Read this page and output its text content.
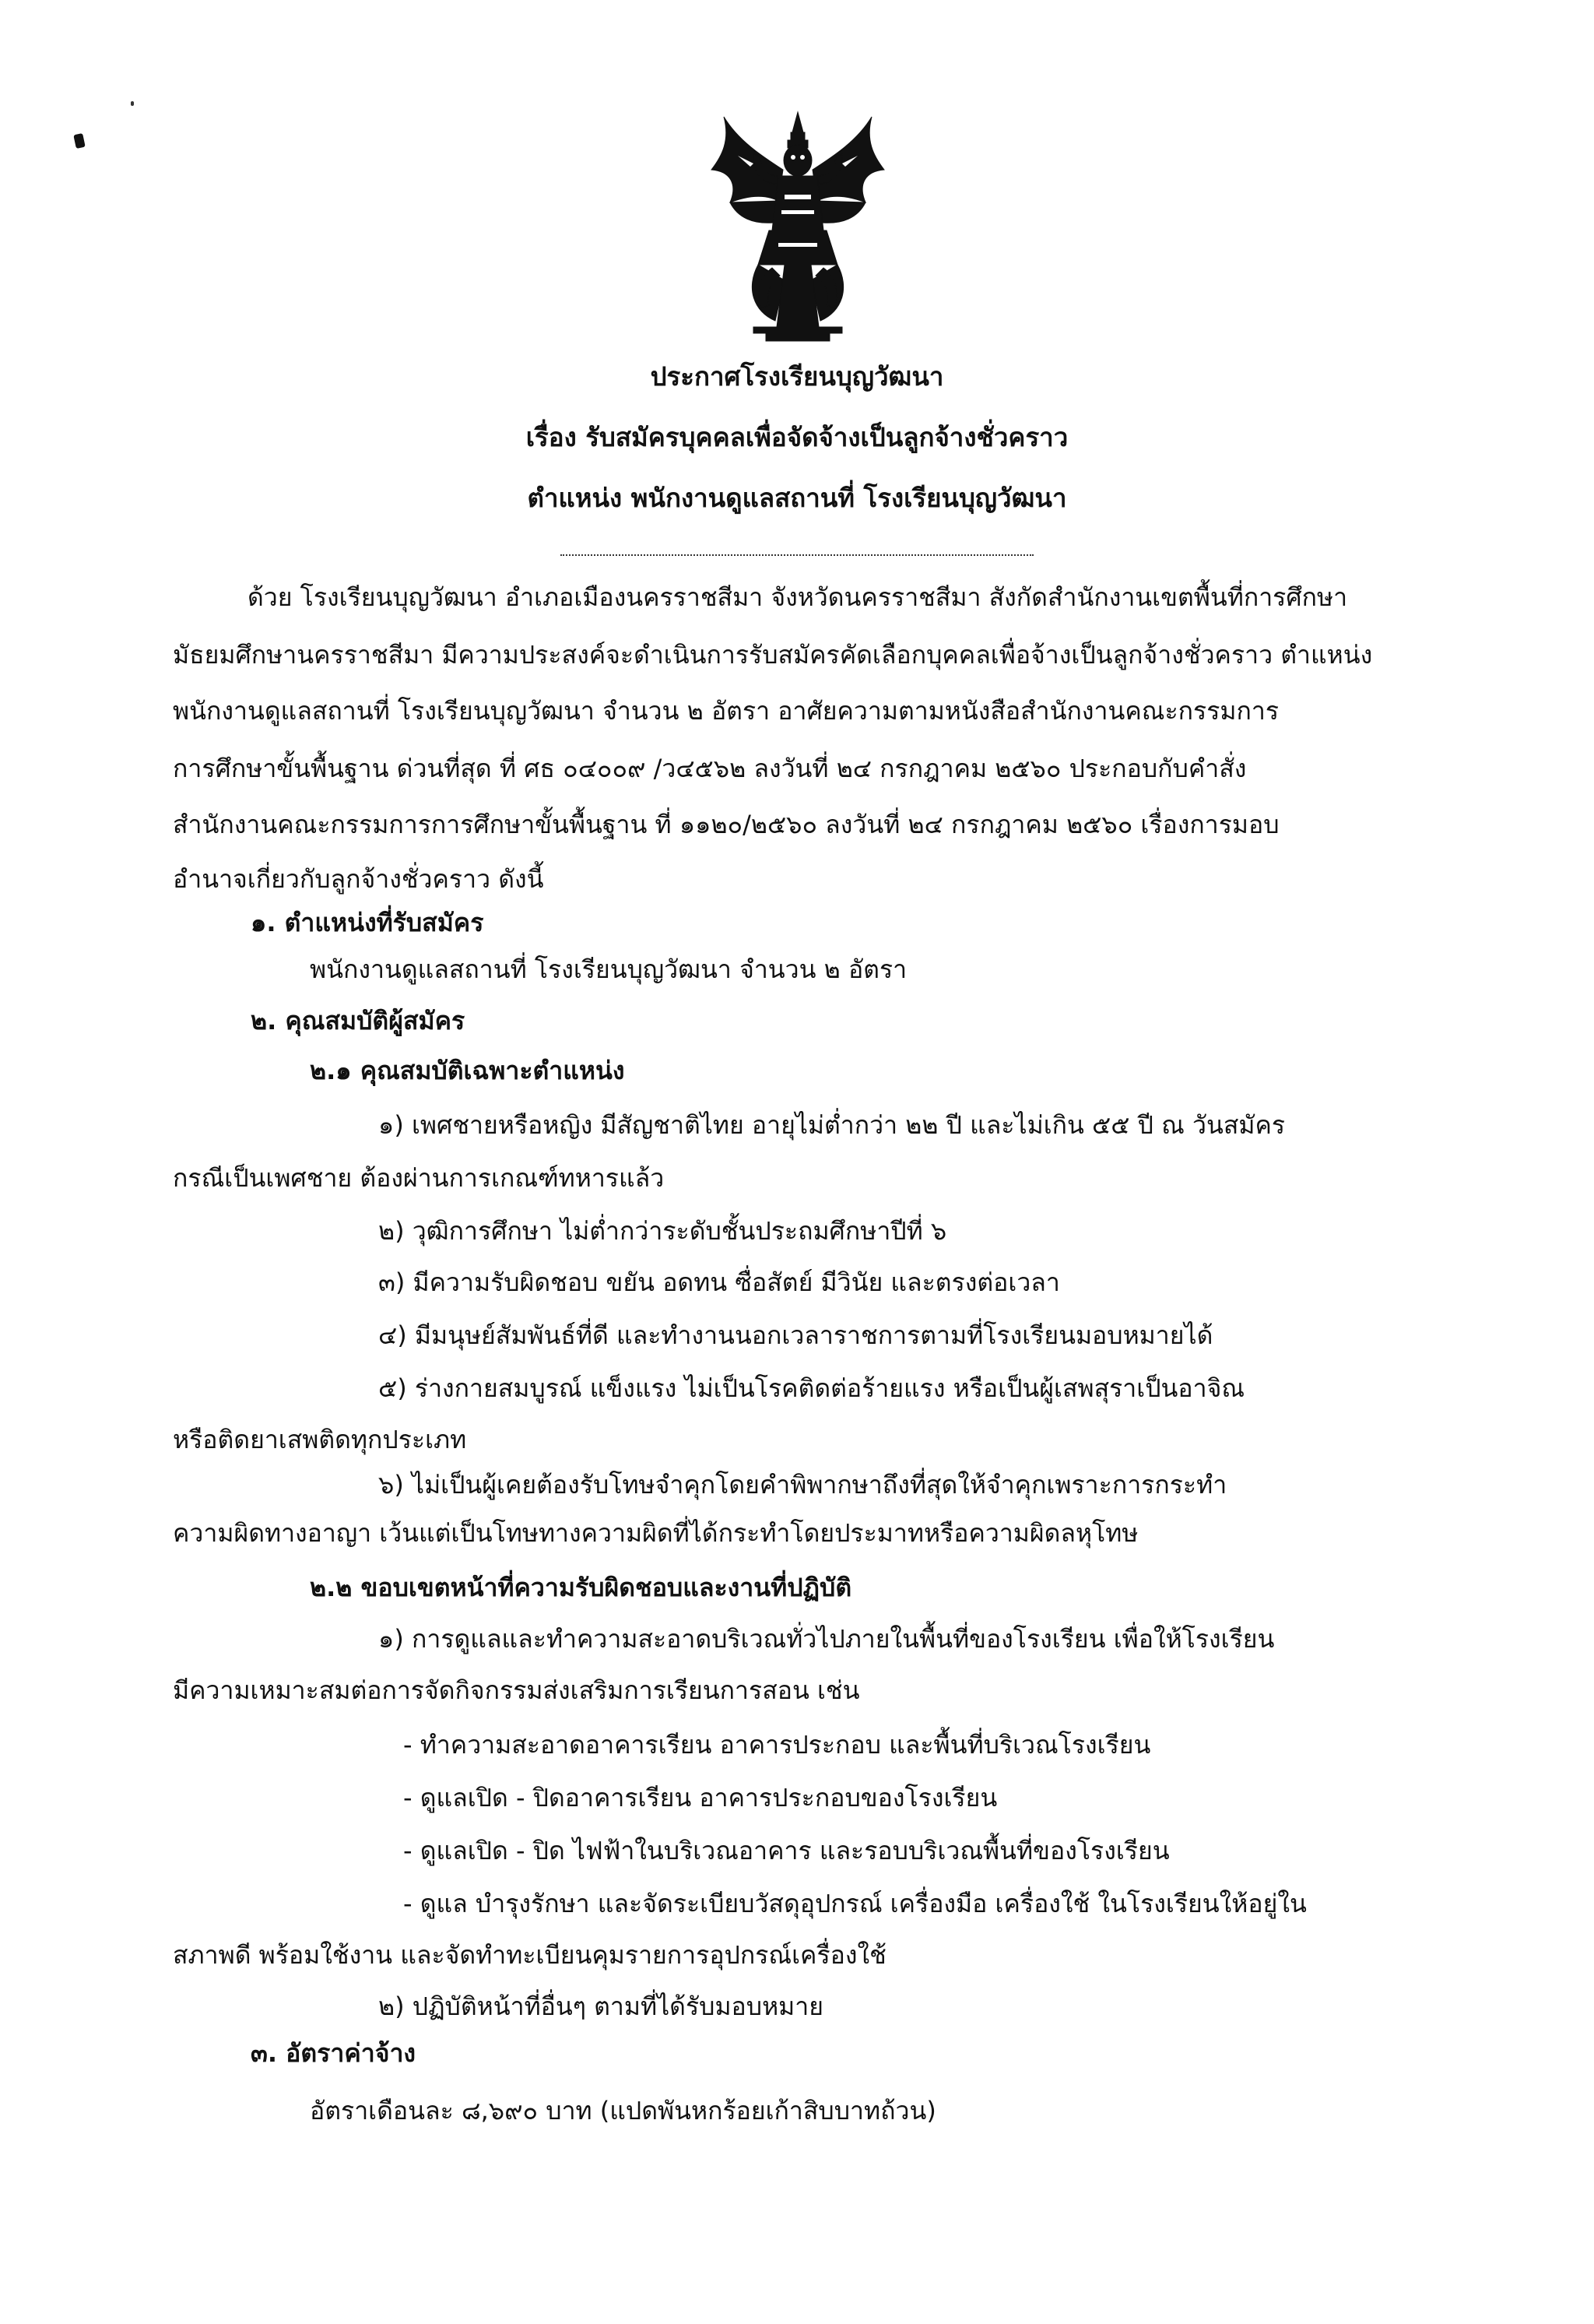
ประกาศโรงเรียนบุญวัฒนา
เรื่อง รับสมัครบุคคลเพื่อจัดจ้างเป็นลูกจ้างชั่วคราว
ตำแหน่ง พนักงานดูแลสถานที่ โรงเรียนบุญวัฒนา
ด้วย โรงเรียนบุญวัฒนา อำเภอเมืองนครราชสีมา จังหวัดนครราชสีมา สังกัดสำนักงานเขตพื้นที่การศึกษา
มัธยมศึกษานครราชสีมา มีความประสงค์จะดำเนินการรับสมัครคัดเลือกบุคคลเพื่อจ้างเป็นลูกจ้างชั่วคราว ตำแหน่ง
พนักงานดูแลสถานที่ โรงเรียนบุญวัฒนา จำนวน ๒ อัตรา อาศัยความตามหนังสือสำนักงานคณะกรรมการ
การศึกษาขั้นพื้นฐาน ด่วนที่สุด ที่ ศธ ๐๔๐๐๙ /ว๔๕๖๒ ลงวันที่ ๒๔ กรกฎาคม ๒๕๖๐ ประกอบกับคำสั่ง
สำนักงานคณะกรรมการการศึกษาขั้นพื้นฐาน ที่ ๑๑๒๐/๒๕๖๐ ลงวันที่ ๒๔ กรกฎาคม ๒๕๖๐ เรื่องการมอบ
อำนาจเกี่ยวกับลูกจ้างชั่วคราว ดังนี้
๑. ตำแหน่งที่รับสมัคร
พนักงานดูแลสถานที่ โรงเรียนบุญวัฒนา จำนวน ๒ อัตรา
๒. คุณสมบัติผู้สมัคร
๒.๑ คุณสมบัติเฉพาะตำแหน่ง
๑) เพศชายหรือหญิง มีสัญชาติไทย อายุไม่ต่ำกว่า ๒๒ ปี และไม่เกิน ๕๕ ปี ณ วันสมัคร
กรณีเป็นเพศชาย ต้องผ่านการเกณฑ์ทหารแล้ว
๒) วุฒิการศึกษา ไม่ต่ำกว่าระดับชั้นประถมศึกษาปีที่ ๖
๓) มีความรับผิดชอบ ขยัน อดทน ซื่อสัตย์ มีวินัย และตรงต่อเวลา
๔) มีมนุษย์สัมพันธ์ที่ดี และทำงานนอกเวลาราชการตามที่โรงเรียนมอบหมายได้
๕) ร่างกายสมบูรณ์ แข็งแรง ไม่เป็นโรคติดต่อร้ายแรง หรือเป็นผู้เสพสุราเป็นอาจิณ
หรือติดยาเสพติดทุกประเภท
๖) ไม่เป็นผู้เคยต้องรับโทษจำคุกโดยคำพิพากษาถึงที่สุดให้จำคุกเพราะการกระทำ
ความผิดทางอาญา เว้นแต่เป็นโทษทางความผิดที่ได้กระทำโดยประมาทหรือความผิดลหุโทษ
๒.๒ ขอบเขตหน้าที่ความรับผิดชอบและงานที่ปฏิบัติ
๑) การดูแลและทำความสะอาดบริเวณทั่วไปภายในพื้นที่ของโรงเรียน เพื่อให้โรงเรียน
มีความเหมาะสมต่อการจัดกิจกรรมส่งเสริมการเรียนการสอน เช่น
- ทำความสะอาดอาคารเรียน อาคารประกอบ และพื้นที่บริเวณโรงเรียน
- ดูแลเปิด - ปิดอาคารเรียน อาคารประกอบของโรงเรียน
- ดูแลเปิด - ปิด ไฟฟ้าในบริเวณอาคาร และรอบบริเวณพื้นที่ของโรงเรียน
- ดูแล บำรุงรักษา และจัดระเบียบวัสดุอุปกรณ์ เครื่องมือ เครื่องใช้ ในโรงเรียนให้อยู่ใน
สภาพดี พร้อมใช้งาน และจัดทำทะเบียนคุมรายการอุปกรณ์เครื่องใช้
๒) ปฏิบัติหน้าที่อื่นๆ ตามที่ได้รับมอบหมาย
๓. อัตราค่าจ้าง
อัตราเดือนละ ๘,๖๙๐ บาท (แปดพันหกร้อยเก้าสิบบาทถ้วน)
